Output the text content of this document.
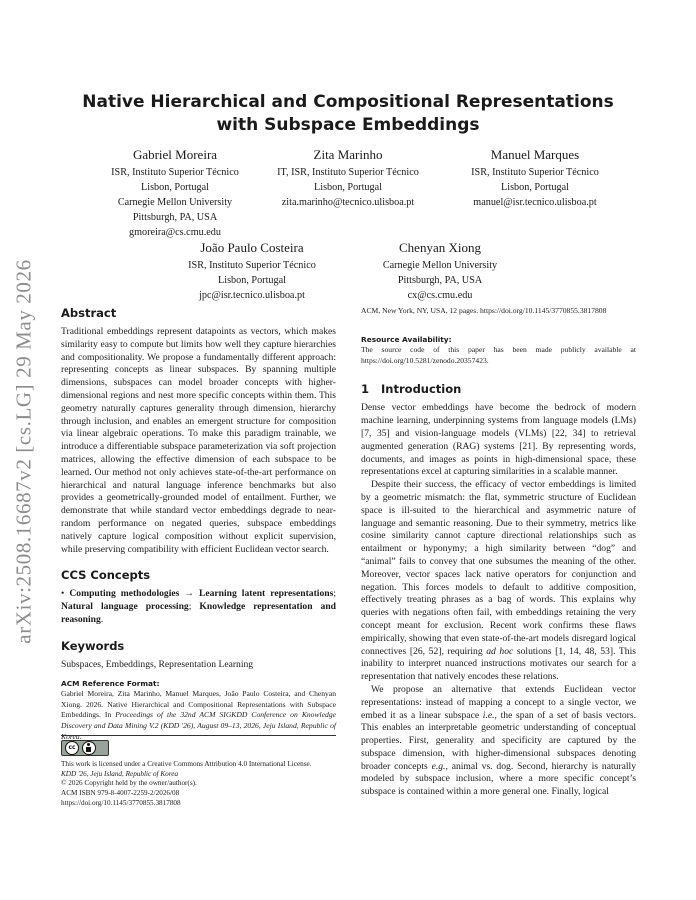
arXiv:2508.16687v2 [cs.LG] 29 May 2026
Native Hierarchical and Compositional Representations with Subspace Embeddings
Gabriel Moreira
ISR, Instituto Superior Técnico
Lisbon, Portugal
Carnegie Mellon University
Pittsburgh, PA, USA
gmoreira@cs.cmu.edu
Zita Marinho
IT, ISR, Instituto Superior Técnico
Lisbon, Portugal
zita.marinho@tecnico.ulisboa.pt
Manuel Marques
ISR, Instituto Superior Técnico
Lisbon, Portugal
manuel@isr.tecnico.ulisboa.pt
João Paulo Costeira
ISR, Instituto Superior Técnico
Lisbon, Portugal
jpc@isr.tecnico.ulisboa.pt
Chenyan Xiong
Carnegie Mellon University
Pittsburgh, PA, USA
cx@cs.cmu.edu
Abstract

Traditional embeddings represent datapoints as vectors, which makes similarity easy to compute but limits how well they capture hierarchies and compositionality. We propose a fundamentally different approach: representing concepts as linear subspaces. By spanning multiple dimensions, subspaces can model broader concepts with higher-dimensional regions and nest more specific concepts within them. This geometry naturally captures generality through dimension, hierarchy through inclusion, and enables an emergent structure for composition via linear algebraic operations. To make this paradigm trainable, we introduce a differentiable subspace parameterization via soft projection matrices, allowing the effective dimension of each subspace to be learned. Our method not only achieves state-of-the-art performance on hierarchical and natural language inference benchmarks but also provides a geometrically-grounded model of entailment. Further, we demonstrate that while standard vector embeddings degrade to near-random performance on negated queries, subspace embeddings natively capture logical composition without explicit supervision, while preserving compatibility with efficient Euclidean vector search.

CCS Concepts

• Computing methodologies → Learning latent representations; Natural language processing; Knowledge representation and reasoning.

Keywords

Subspaces, Embeddings, Representation Learning

ACM Reference Format:

Gabriel Moreira, Zita Marinho, Manuel Marques, João Paulo Costeira, and Chenyan Xiong. 2026. Native Hierarchical and Compositional Representations with Subspace Embeddings. In Proceedings of the 32nd ACM SIGKDD Conference on Knowledge Discovery and Data Mining V.2 (KDD '26), August 09–13, 2026, Jeju Island, Republic of Korea.

cc
This work is licensed under a Creative Commons Attribution 4.0 International License.
KDD '26, Jeju Island, Republic of Korea
© 2026 Copyright held by the owner/author(s).
ACM ISBN 979-8-4007-2259-2/2026/08
https://doi.org/10.1145/3770855.3817808

ACM, New York, NY, USA, 12 pages. https://doi.org/10.1145/3770855.3817808

Resource Availability:

The source code of this paper has been made publicly available at https://doi.org/10.5281/zenodo.20357423.

1 Introduction

Dense vector embeddings have become the bedrock of modern machine learning, underpinning systems from language models (LMs) [7, 35] and vision-language models (VLMs) [22, 34] to retrieval augmented generation (RAG) systems [21]. By representing words, documents, and images as points in high-dimensional space, these representations excel at capturing similarities in a scalable manner.

Despite their success, the efficacy of vector embeddings is limited by a geometric mismatch: the flat, symmetric structure of Euclidean space is ill-suited to the hierarchical and asymmetric nature of language and semantic reasoning. Due to their symmetry, metrics like cosine similarity cannot capture directional relationships such as entailment or hyponymy; a high similarity between “dog” and “animal” fails to convey that one subsumes the meaning of the other. Moreover, vector spaces lack native operators for conjunction and negation. This forces models to default to additive composition, effectively treating phrases as a bag of words. This explains why queries with negations often fail, with embeddings retaining the very concept meant for exclusion. Recent work confirms these flaws empirically, showing that even state-of-the-art models disregard logical connectives [26, 52], requiring ad hoc solutions [1, 14, 48, 53]. This inability to interpret nuanced instructions motivates our search for a representation that natively encodes these relations.

We propose an alternative that extends Euclidean vector representations: instead of mapping a concept to a single vector, we embed it as a linear subspace i.e., the span of a set of basis vectors. This enables an interpretable geometric understanding of conceptual properties. First, generality and specificity are captured by the subspace dimension, with higher-dimensional subspaces denoting broader concepts e.g., animal vs. dog. Second, hierarchy is naturally modeled by subspace inclusion, where a more specific concept’s subspace is contained within a more general one. Finally, logical
